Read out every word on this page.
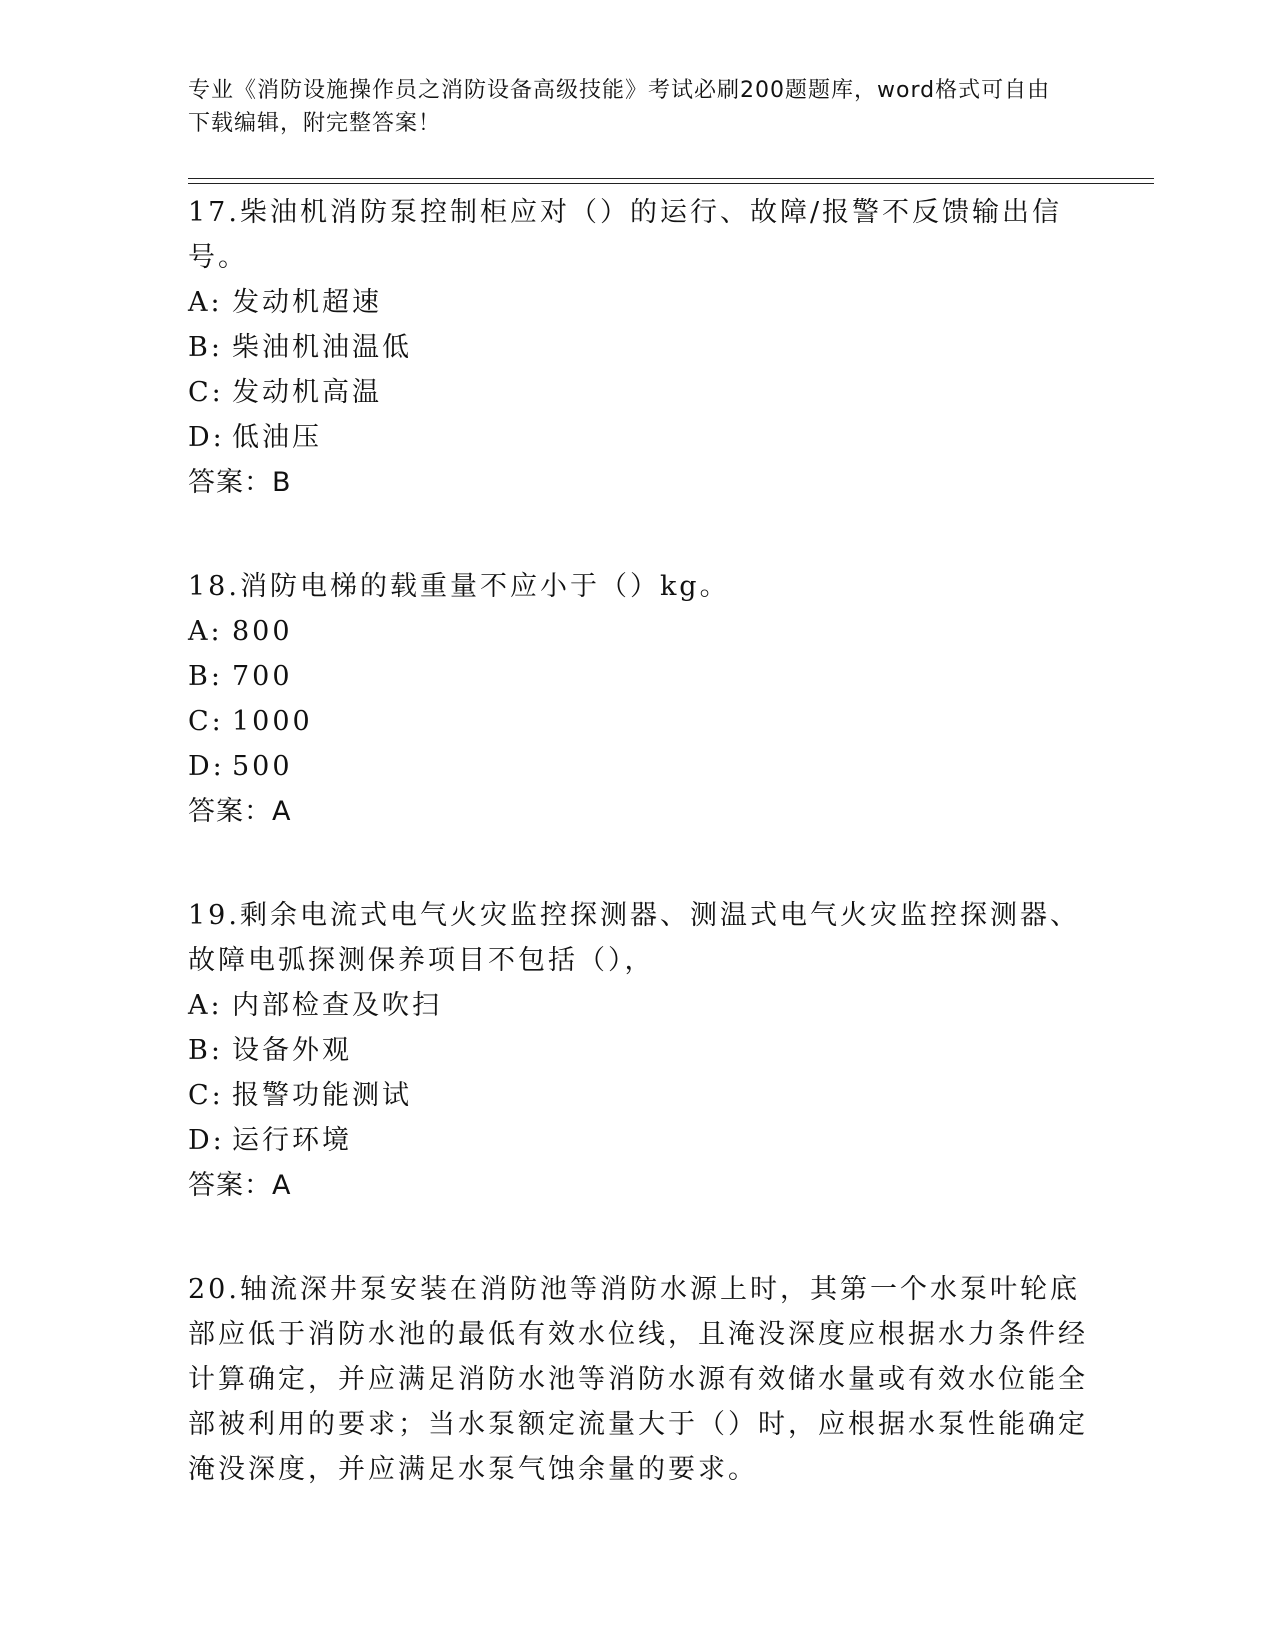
专业《消防设施操作员之消防设备高级技能》考试必刷200题题库，word格式可自由下载编辑，附完整答案！

17.柴油机消防泵控制柜应对（）的运行、故障/报警不反馈输出信号。

A: 发动机超速

B: 柴油机油温低

C: 发动机高温

D: 低油压

答案：B

18.消防电梯的载重量不应小于（）kg。

A: 800

B: 700

C: 1000

D: 500

答案：A

19.剩余电流式电气火灾监控探测器、测温式电气火灾监控探测器、故障电弧探测保养项目不包括（），

A: 内部检查及吹扫

B: 设备外观

C: 报警功能测试

D: 运行环境

答案：A

20.轴流深井泵安装在消防池等消防水源上时，其第一个水泵叶轮底部应低于消防水池的最低有效水位线，且淹没深度应根据水力条件经计算确定，并应满足消防水池等消防水源有效储水量或有效水位能全部被利用的要求；当水泵额定流量大于（）时，应根据水泵性能确定淹没深度，并应满足水泵气蚀余量的要求。
